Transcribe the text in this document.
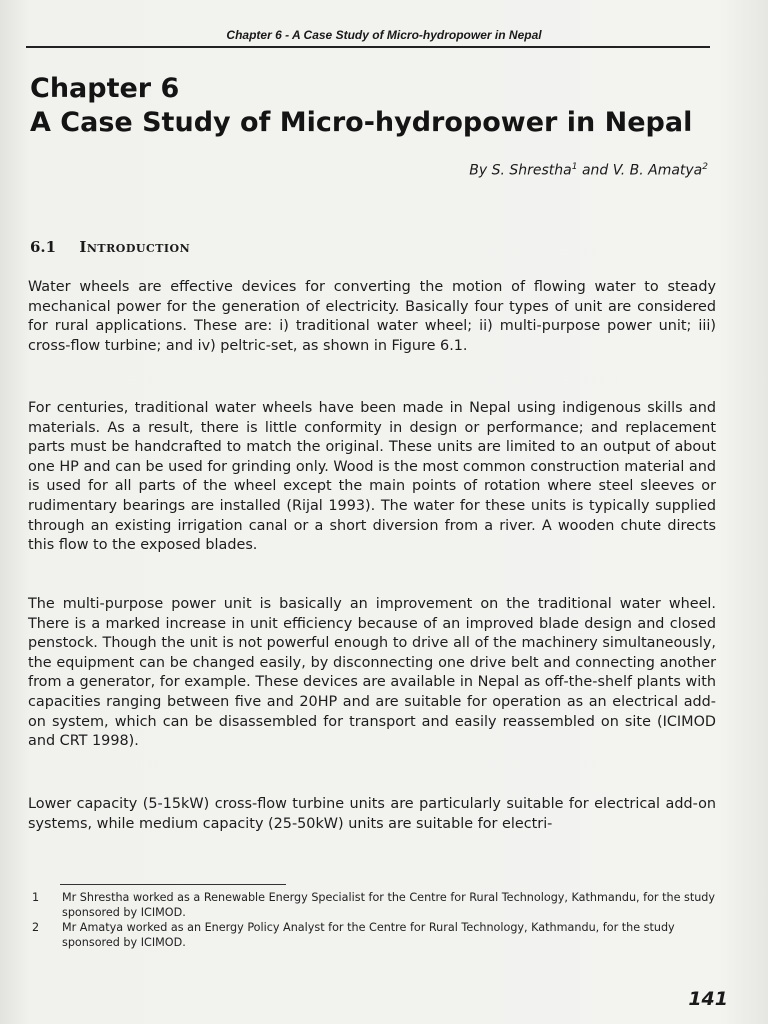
Chapter 6 - A Case Study of Micro-hydropower in Nepal
Chapter 6
A Case Study of Micro-hydropower in Nepal
By S. Shrestha$^1$ and V. B. Amatya$^2$
6.1 Introduction

Water wheels are effective devices for converting the motion of flowing water to steady mechanical power for the generation of electricity. Basically four types of unit are considered for rural applications. These are: i) traditional water wheel; ii) multi-purpose power unit; iii) cross-flow turbine; and iv) peltric-set, as shown in Figure 6.1.

For centuries, traditional water wheels have been made in Nepal using indigenous skills and materials. As a result, there is little conformity in design or performance; and replacement parts must be handcrafted to match the original. These units are limited to an output of about one HP and can be used for grinding only. Wood is the most common construction material and is used for all parts of the wheel except the main points of rotation where steel sleeves or rudimentary bearings are installed (Rijal 1993). The water for these units is typically supplied through an existing irrigation canal or a short diversion from a river. A wooden chute directs this flow to the exposed blades.

The multi-purpose power unit is basically an improvement on the traditional water wheel. There is a marked increase in unit efficiency because of an improved blade design and closed penstock. Though the unit is not powerful enough to drive all of the machinery simultaneously, the equipment can be changed easily, by disconnecting one drive belt and connecting another from a generator, for example. These devices are available in Nepal as off-the-shelf plants with capacities ranging between five and 20HP and are suitable for operation as an electrical add-on system, which can be disassembled for transport and easily reassembled on site (ICIMOD and CRT 1998).

Lower capacity (5-15kW) cross-flow turbine units are particularly suitable for electrical add-on systems, while medium capacity (25-50kW) units are suitable for electri-

1 Mr Shrestha worked as a Renewable Energy Specialist for the Centre for Rural Technology, Kathmandu, for the study sponsored by ICIMOD.
2 Mr Amatya worked as an Energy Policy Analyst for the Centre for Rural Technology, Kathmandu, for the study sponsored by ICIMOD.
141
